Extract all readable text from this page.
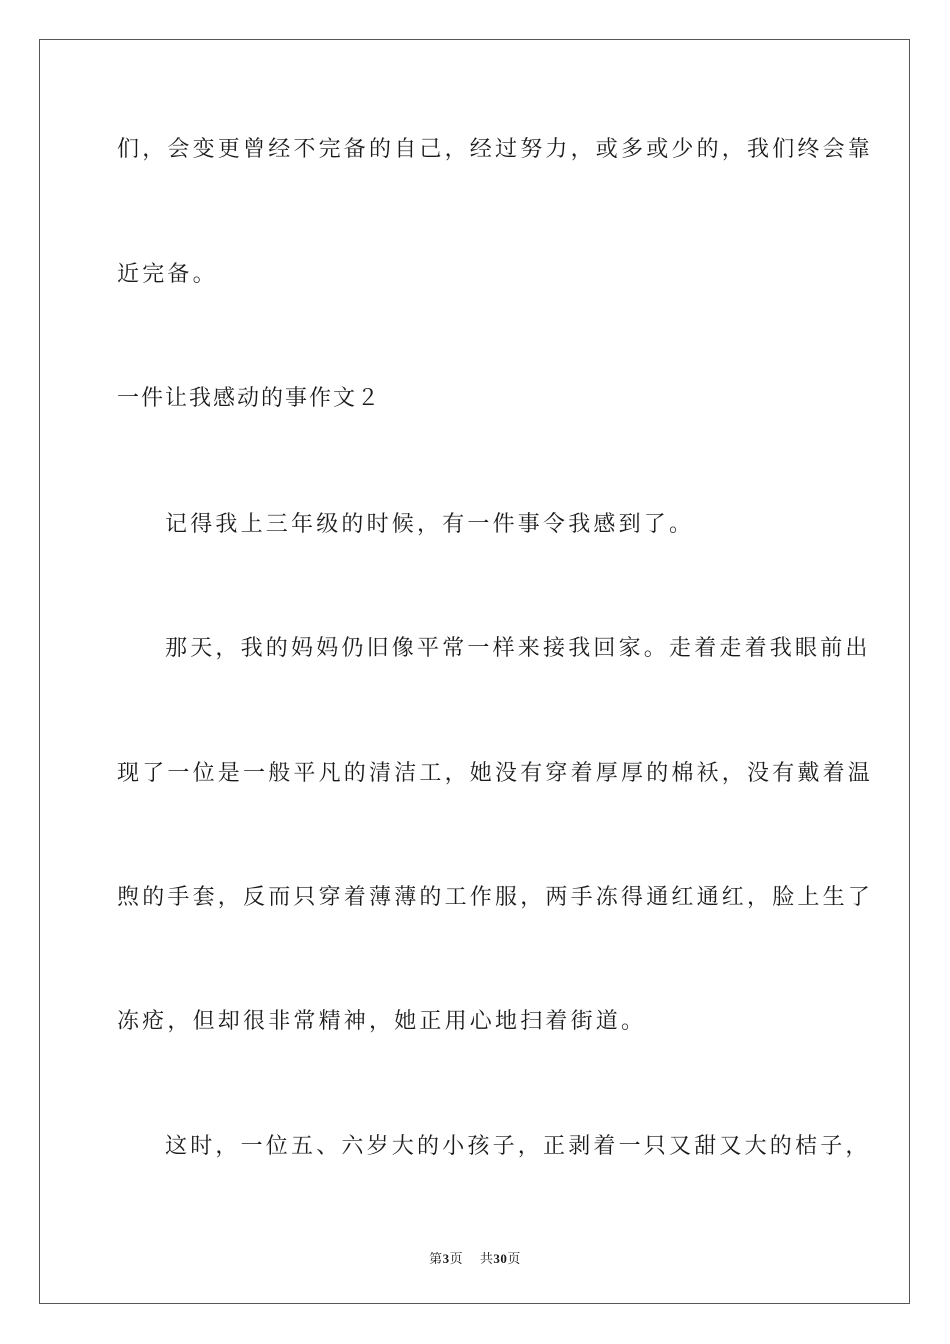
们，会变更曾经不完备的自己，经过努力，或多或少的，我们终会靠
近完备。
一件让我感动的事作文２
记得我上三年级的时候，有一件事令我感到了。
那天，我的妈妈仍旧像平常一样来接我回家。走着走着我眼前出
现了一位是一般平凡的清洁工，她没有穿着厚厚的棉袄，没有戴着温
煦的手套，反而只穿着薄薄的工作服，两手冻得通红通红，脸上生了
冻疮，但却很非常精神，她正用心地扫着街道。
这时，一位五、六岁大的小孩子，正剥着一只又甜又大的桔子，
第3页 共30页
